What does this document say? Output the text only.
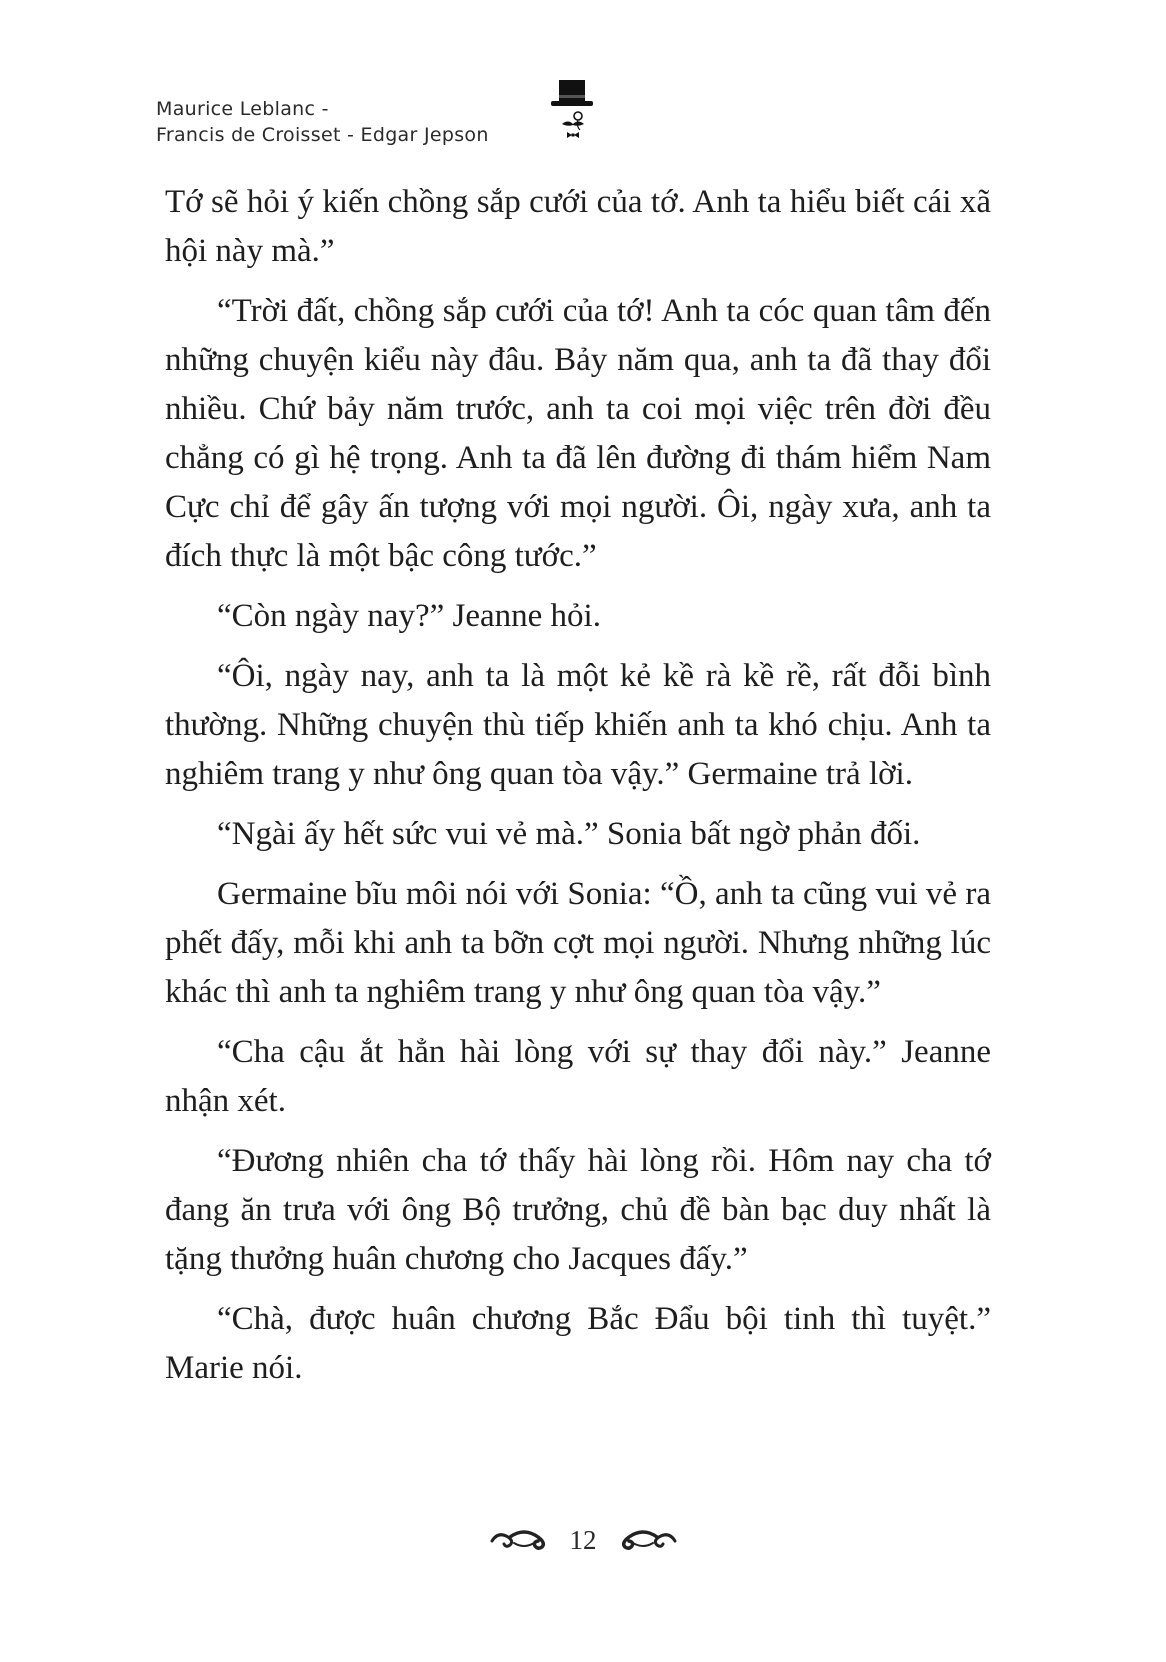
Maurice Leblanc -
Francis de Croisset - Edgar Jepson

Tớ sẽ hỏi ý kiến chồng sắp cưới của tớ. Anh ta hiểu biết cái xã hội này mà.”

“Trời đất, chồng sắp cưới của tớ! Anh ta cóc quan tâm đến những chuyện kiểu này đâu. Bảy năm qua, anh ta đã thay đổi nhiều. Chứ bảy năm trước, anh ta coi mọi việc trên đời đều chẳng có gì hệ trọng. Anh ta đã lên đường đi thám hiểm Nam Cực chỉ để gây ấn tượng với mọi người. Ôi, ngày xưa, anh ta đích thực là một bậc công tước.”

“Còn ngày nay?” Jeanne hỏi.

“Ôi, ngày nay, anh ta là một kẻ kề rà kề rề, rất đỗi bình thường. Những chuyện thù tiếp khiến anh ta khó chịu. Anh ta nghiêm trang y như ông quan tòa vậy.” Germaine trả lời.

“Ngài ấy hết sức vui vẻ mà.” Sonia bất ngờ phản đối.

Germaine bĩu môi nói với Sonia: “Ồ, anh ta cũng vui vẻ ra phết đấy, mỗi khi anh ta bỡn cợt mọi người. Nhưng những lúc khác thì anh ta nghiêm trang y như ông quan tòa vậy.”

“Cha cậu ắt hẳn hài lòng với sự thay đổi này.” Jeanne nhận xét.

“Đương nhiên cha tớ thấy hài lòng rồi. Hôm nay cha tớ đang ăn trưa với ông Bộ trưởng, chủ đề bàn bạc duy nhất là tặng thưởng huân chương cho Jacques đấy.”

“Chà, được huân chương Bắc Đẩu bội tinh thì tuyệt.” Marie nói.

12
